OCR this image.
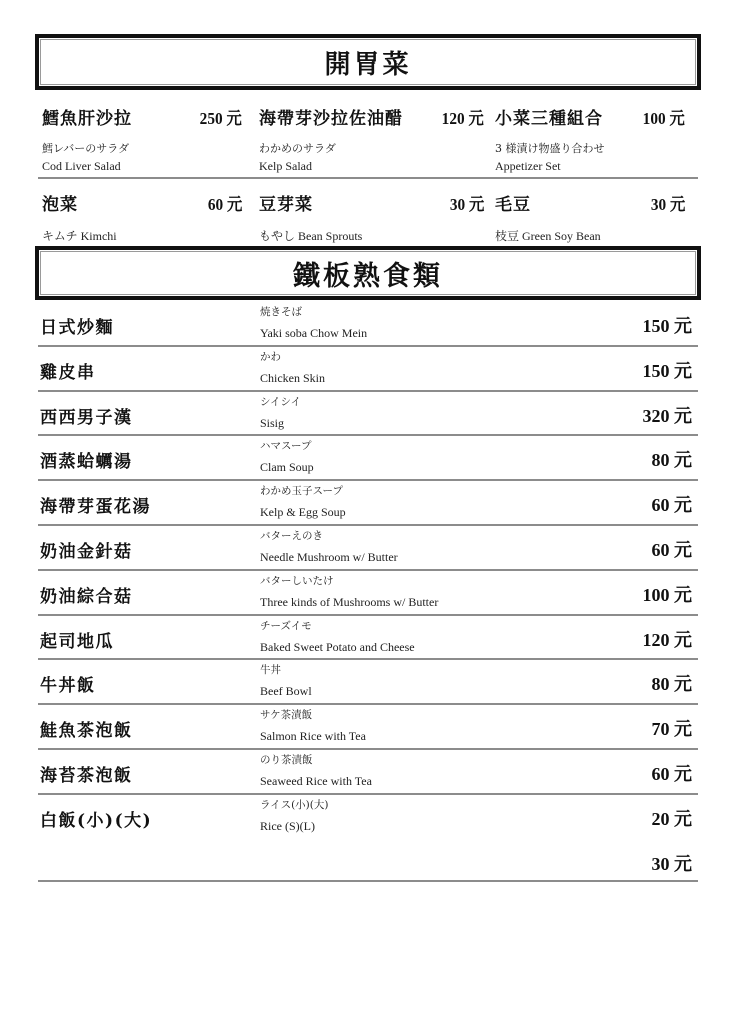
開胃菜
鱈魚肝沙拉	250 元
鱈レバーのサラダ
Cod Liver Salad
海帶芽沙拉佐油醋 120 元
わかめのサラダ
Kelp Salad
小菜三種組合 100 元
3 様漬け物盛り合わせ
Appetizer Set
泡菜	60 元
キムチ Kimchi
豆芽菜	30 元
もやし Bean Sprouts
毛豆	30 元
枝豆 Green Soy Bean
鐵板熟食類
日式炒麵
焼きそば
Yaki soba Chow Mein	150 元
雞皮串
かわ
Chicken Skin	150 元
西西男子漢
シイシイ
Sisig	320 元
酒蒸蛤蠣湯
ハマスープ
Clam Soup	80 元
海帶芽蛋花湯
わかめ玉子スープ
Kelp & Egg Soup	60 元
奶油金針菇
バターえのき
Needle Mushroom w/ Butter	60 元
奶油綜合菇
バターしいたけ
Three kinds of Mushrooms w/ Butter	100 元
起司地瓜
チーズイモ
Baked Sweet Potato and Cheese	120 元
牛丼飯
牛丼
Beef Bowl	80 元
鮭魚茶泡飯
サケ茶漬飯
Salmon Rice with Tea	70 元
海苔茶泡飯
のり茶漬飯
Seaweed Rice with Tea	60 元
白飯(小)(大)
ライス(小)(大)
Rice (S)(L)	20 元
30 元
